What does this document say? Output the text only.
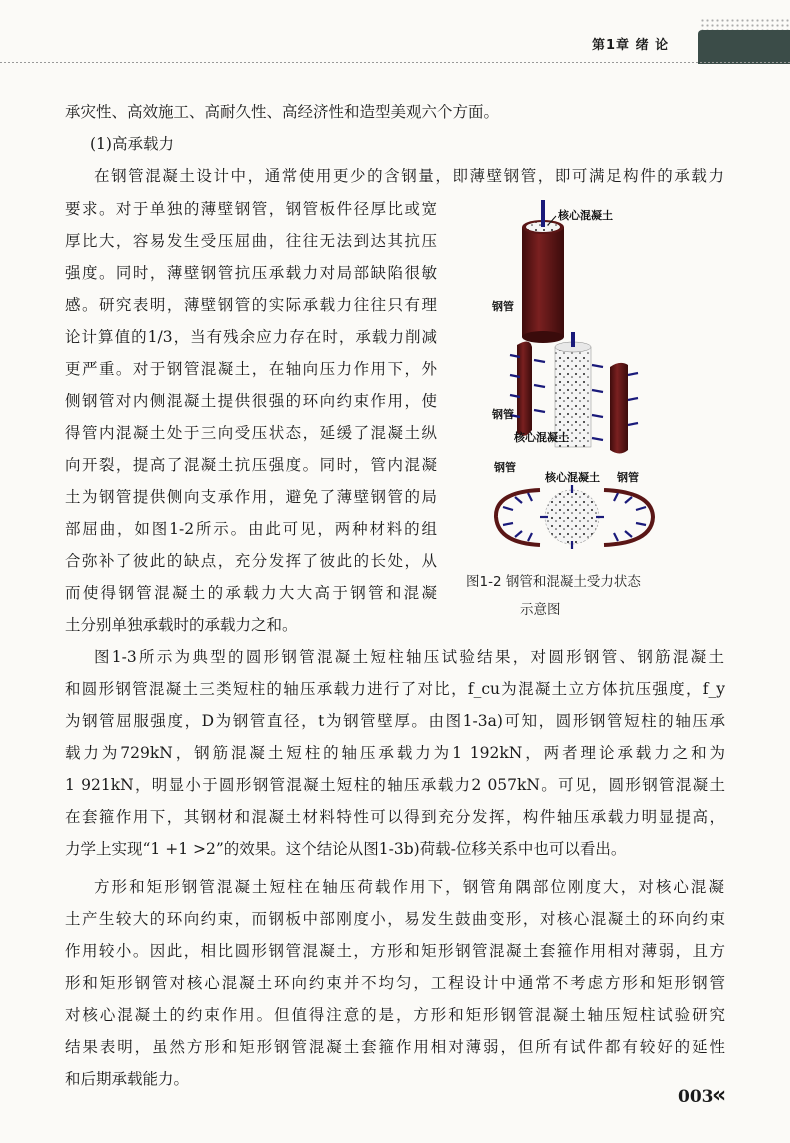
第1章 绪 论
承灾性、高效施工、高耐久性、高经济性和造型美观六个方面。
(1)高承载力
在钢管混凝土设计中，通常使用更少的含钢量，即薄壁钢管，即可满足构件的承载力
要求。对于单独的薄壁钢管，钢管板件径厚比或宽
厚比大，容易发生受压屈曲，往往无法到达其抗压
强度。同时，薄壁钢管抗压承载力对局部缺陷很敏
感。研究表明，薄壁钢管的实际承载力往往只有理
论计算值的1/3，当有残余应力存在时，承载力削减
更严重。对于钢管混凝土，在轴向压力作用下，外
侧钢管对内侧混凝土提供很强的环向约束作用，使
得管内混凝土处于三向受压状态，延缓了混凝土纵
向开裂，提高了混凝土抗压强度。同时，管内混凝
土为钢管提供侧向支承作用，避免了薄壁钢管的局
部屈曲，如图1-2所示。由此可见，两种材料的组
合弥补了彼此的缺点，充分发挥了彼此的长处，从
而使得钢管混凝土的承载力大大高于钢管和混凝
土分别单独承载时的承载力之和。
图1-3所示为典型的圆形钢管混凝土短柱轴压试验结果，对圆形钢管、钢筋混凝土
和圆形钢管混凝土三类短柱的轴压承载力进行了对比，f_cu为混凝土立方体抗压强度，f_y
为钢管屈服强度，D为钢管直径，t为钢管壁厚。由图1-3a)可知，圆形钢管短柱的轴压承
载力为729kN，钢筋混凝土短柱的轴压承载力为1 192kN，两者理论承载力之和为
1 921kN，明显小于圆形钢管混凝土短柱的轴压承载力2 057kN。可见，圆形钢管混凝土
在套箍作用下，其钢材和混凝土材料特性可以得到充分发挥，构件轴压承载力明显提高，
力学上实现“1 +1 >2”的效果。这个结论从图1-3b)荷载-位移关系中也可以看出。
方形和矩形钢管混凝土短柱在轴压荷载作用下，钢管角隅部位刚度大，对核心混凝
土产生较大的环向约束，而钢板中部刚度小，易发生鼓曲变形，对核心混凝土的环向约束
作用较小。因此，相比圆形钢管混凝土，方形和矩形钢管混凝土套箍作用相对薄弱，且方
形和矩形钢管对核心混凝土环向约束并不均匀，工程设计中通常不考虑方形和矩形钢管
对核心混凝土的约束作用。但值得注意的是，方形和矩形钢管混凝土轴压短柱试验研究
结果表明，虽然方形和矩形钢管混凝土套箍作用相对薄弱，但所有试件都有较好的延性
和后期承载能力。
核心混凝土
钢管
钢管
核心混凝土
钢管
核心混凝土 钢管
图1-2 钢管和混凝土受力状态
示意图
003
«
